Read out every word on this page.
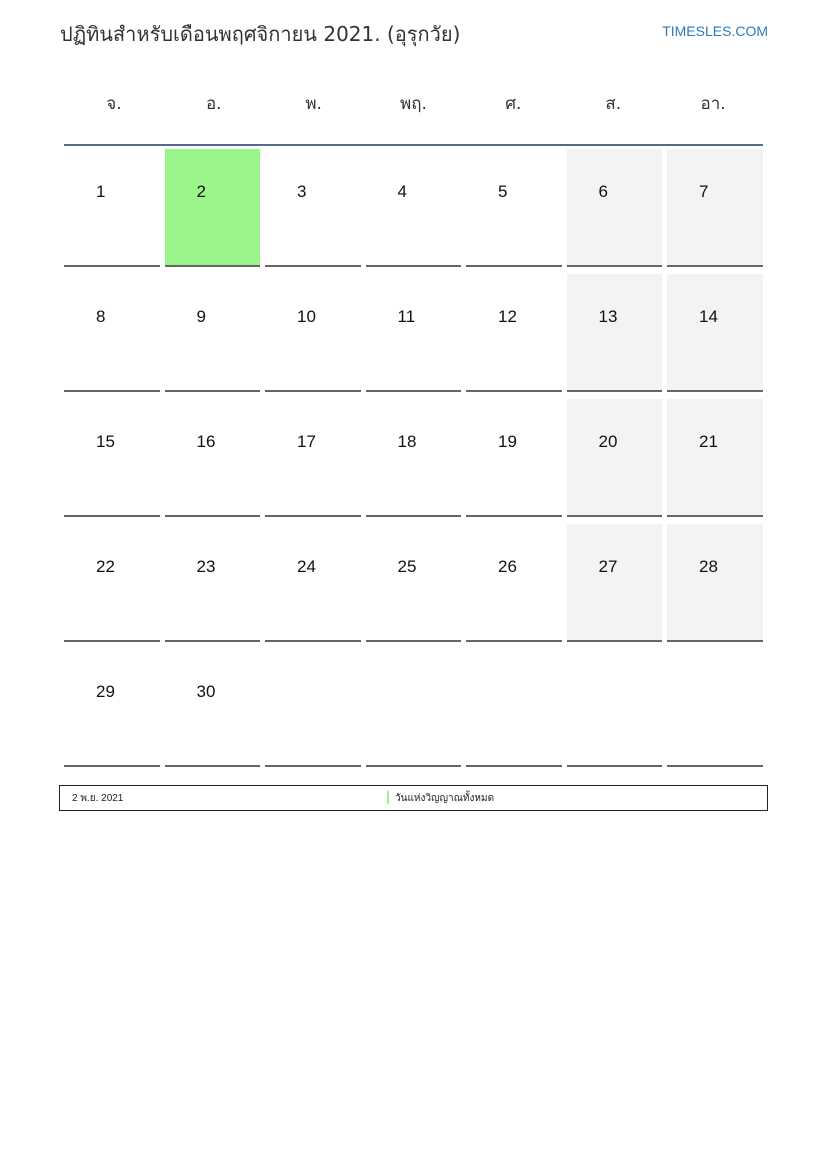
ปฏิทินสำหรับเดือนพฤศจิกายน 2021. (อุรุกวัย)	TIMESLES.COM
จ.	อ.	พ.	พฤ.	ศ.	ส.	อา.
1	2	3	4	5	6	7
8	9	10	11	12	13	14
15	16	17	18	19	20	21
22	23	24	25	26	27	28
29	30
2 พ.ย. 2021	วันแห่งวิญญาณทั้งหมด
